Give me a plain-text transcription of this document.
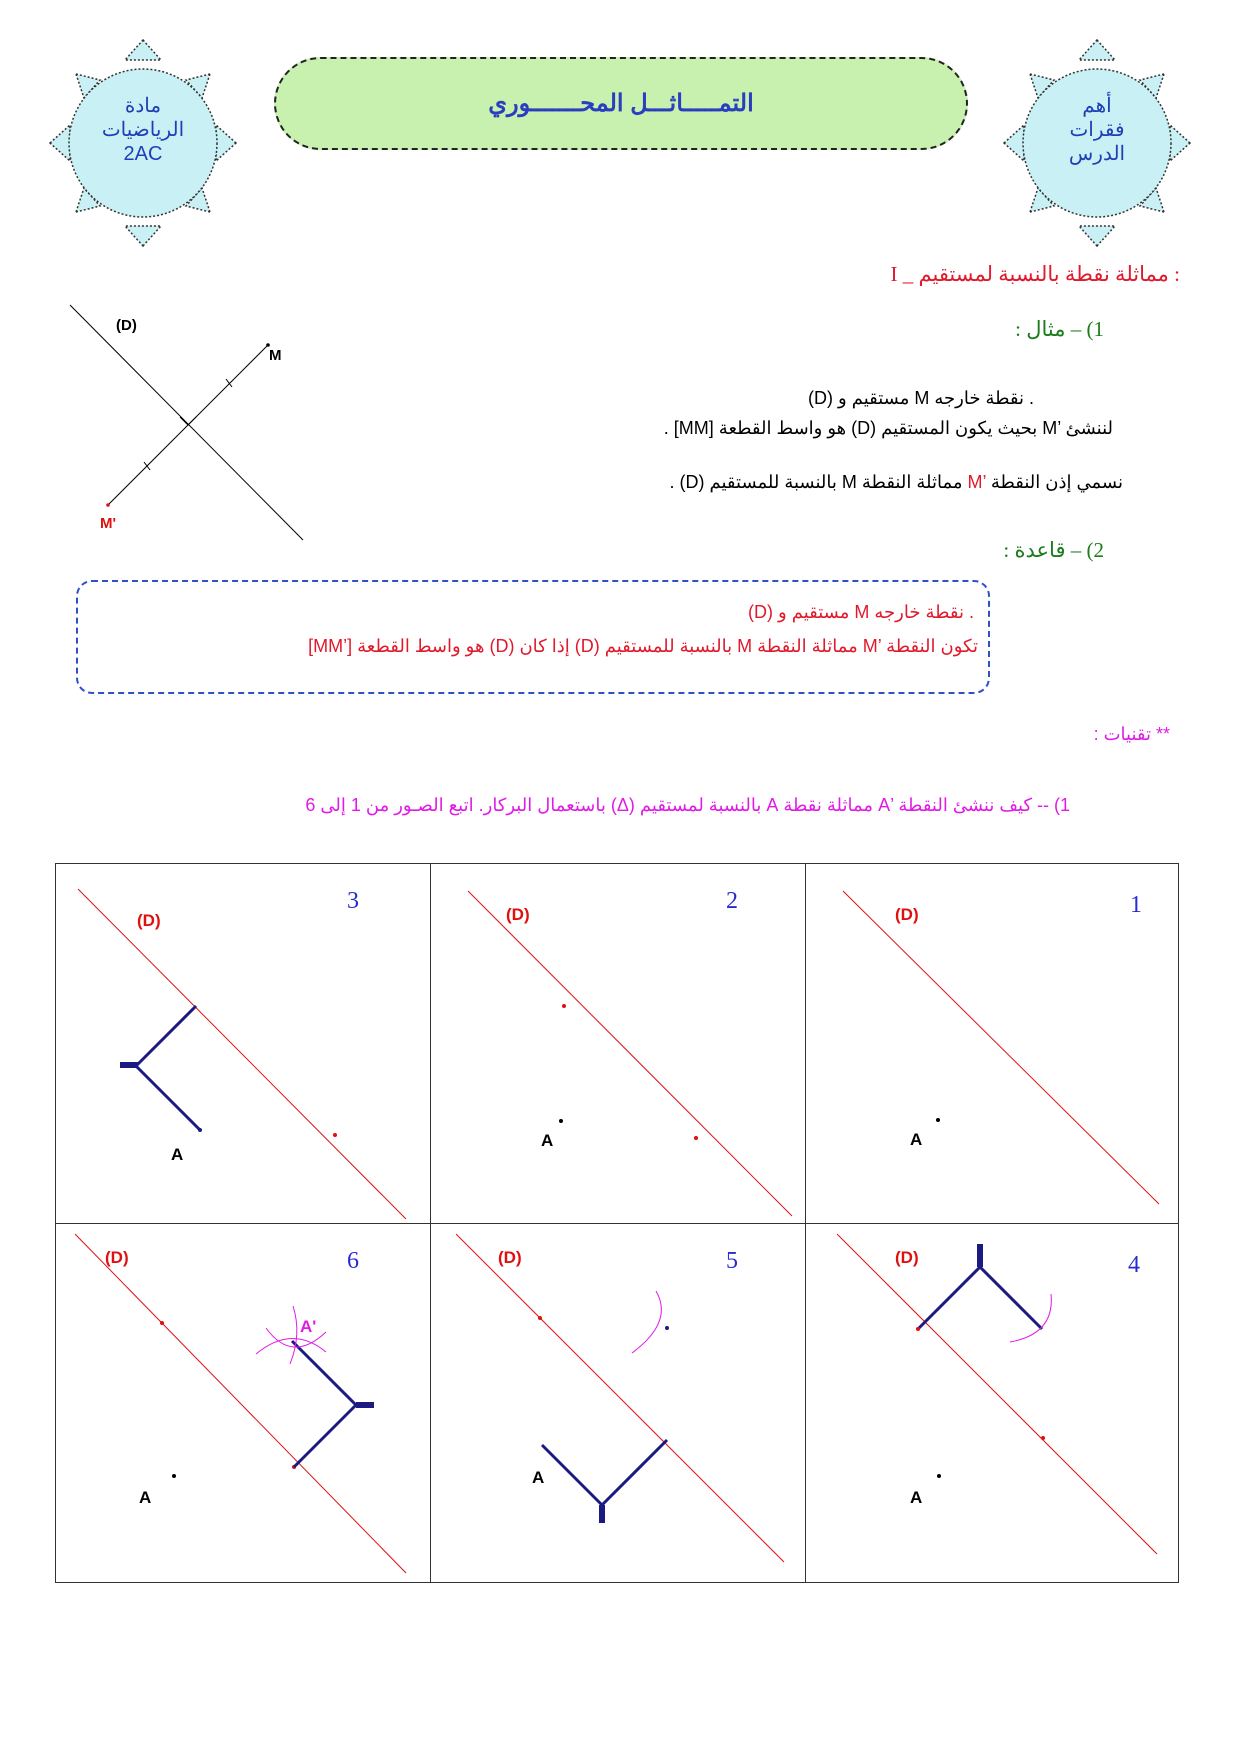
مادة
الرياضيات
2AC
أهم
فقرات
الدرس
التمـــــاثـــل المحـــــــوري
I _ مماثلة نقطة بالنسبة لمستقيم :
1) – مثال :
(D)
M
M'
(D) مستقيم و M نقطة خارجه .
لننشئ ’M بحيث يكون المستقيم (D) هو واسط القطعة [MM] .
نسمي إذن النقطة ’M مماثلة النقطة M بالنسبة للمستقيم (D) .
2) – قاعدة :
(D) مستقيم و M نقطة خارجه .
تكون النقطة ’M مماثلة النقطة M بالنسبة للمستقيم (D) إذا كان (D) هو واسط القطعة [’MM]
** تقنيات :
1) -- كيف ننشئ النقطة ’A مماثلة نقطة A بالنسبة لمستقيم (Δ) باستعمال البركار. اتبع الصـور من 1 إلى 6
3
(D)
A
2
(D)
A
1
(D)
A
6
(D)
A
A'
5
(D)
A
4
(D)
A
